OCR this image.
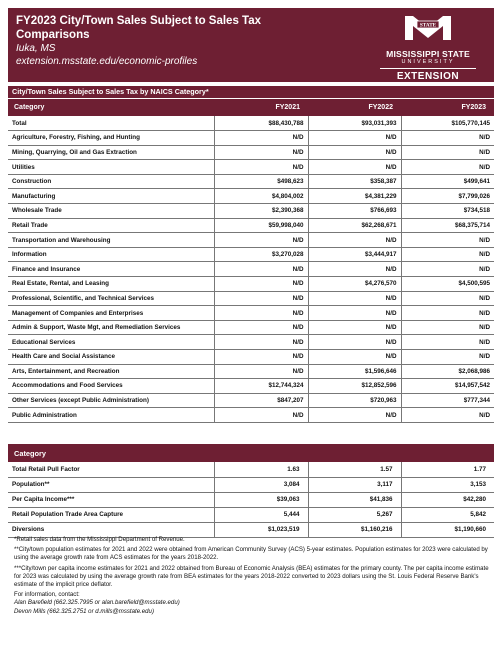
FY2023 City/Town Sales Subject to Sales Tax
Comparisons
Iuka, MS
extension.msstate.edu/economic-profiles
STATE
MISSISSIPPI STATE
UNIVERSITY
EXTENSION
City/Town Sales Subject to Sales Tax by NAICS Category*
Category	FY2021	FY2022	FY2023
Total	$88,430,788	$93,031,393	$105,770,145
Agriculture, Forestry, Fishing, and Hunting	N/D	N/D	N/D
Mining, Quarrying, Oil and Gas Extraction	N/D	N/D	N/D
Utilities	N/D	N/D	N/D
Construction	$498,623	$358,387	$499,641
Manufacturing	$4,804,002	$4,381,229	$7,799,026
Wholesale Trade	$2,390,368	$766,693	$734,518
Retail Trade	$59,998,040	$62,268,671	$68,375,714
Transportation and Warehousing	N/D	N/D	N/D
Information	$3,270,028	$3,444,917	N/D
Finance and Insurance	N/D	N/D	N/D
Real Estate, Rental, and Leasing	N/D	$4,276,570	$4,500,595
Professional, Scientific, and Technical Services	N/D	N/D	N/D
Management of Companies and Enterprises	N/D	N/D	N/D
Admin & Support, Waste Mgt, and Remediation Services	N/D	N/D	N/D
Educational Services	N/D	N/D	N/D
Health Care and Social Assistance	N/D	N/D	N/D
Arts, Entertainment, and Recreation	N/D	$1,596,646	$2,068,986
Accommodations and Food Services	$12,744,324	$12,852,596	$14,957,542
Other Services (except Public Administration)	$847,207	$720,963	$777,344
Public Administration	N/D	N/D	N/D
Category			
Total Retail Pull Factor	1.63	1.57	1.77
Population**	3,084	3,117	3,153
Per Capita Income***	$39,063	$41,836	$42,280
Retail Population Trade Area Capture	5,444	5,267	5,842
Diversions	$1,023,519	$1,160,216	$1,190,660

*Retail sales data from the Mississippi Department of Revenue.

**City/town population estimates for 2021 and 2022 were obtained from American Community Survey (ACS) 5-year estimates. Population estimates for 2023 were calculated by using the average growth rate from ACS estimates for the years 2018-2022.

***City/town per capita income estimates for 2021 and 2022 obtained from Bureau of Economic Analysis (BEA) estimates for the primary county. The per capita income estimate for 2023 was calculated by using the average growth rate from BEA estimates for the years 2018-2022 converted to 2023 dollars using the St. Louis Federal Reserve Bank's estimate of the implicit price deflator.

For information, contact:
Alan Barefield (662.325.7995 or alan.barefield@msstate.edu)
Devon Mills (662.325.2751 or d.mills@msstate.edu)
